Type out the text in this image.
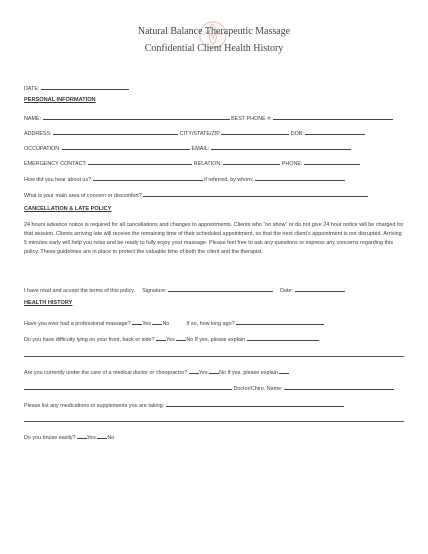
Natural Balance Therapeutic Massage
Confidential Client Health History
DATE:
PERSONAL INFORMATION
NAME:	BEST PHONE #:
ADDRESS:	CITY/STATE/ZIP	DOB:
OCCUPATION:	EMAIL:
EMERGENCY CONTACT:	RELATION:	PHONE:
How did you hear about us?	if referred, by whom:
What is your main area of concern or discomfort?
CANCELLATION & LATE POLICY
24 hours advance notice is required for all cancellations and changes to appointments. Clients who “no show” or do not give 24 hour notice will be charged for that session. Clients arriving late will receive the remaining time of their scheduled appointment, so that the next client’s appointment is not disrupted. Arriving 5 minutes early will help you relax and be ready to fully enjoy your massage. Please feel free to ask any questions or express any concerns regarding this policy. These guidelines are in place to protect the valuable time of both the client and the therapist.
I have read and accept the terms of this policy. Signature:	Date:
HEALTH HISTORY
Have you ever had a professional massage? Yes No	If so, how long ago?
Do you have difficulty lying on your front, back or side? Yes No If yes, please explain
Are you currently under the care of a medical doctor or chiropractor? Yes No If yes, please explain
Doctor/Chiro. Name:
Please list any medications or supplements you are taking.
Do you bruise easily? Yes No
